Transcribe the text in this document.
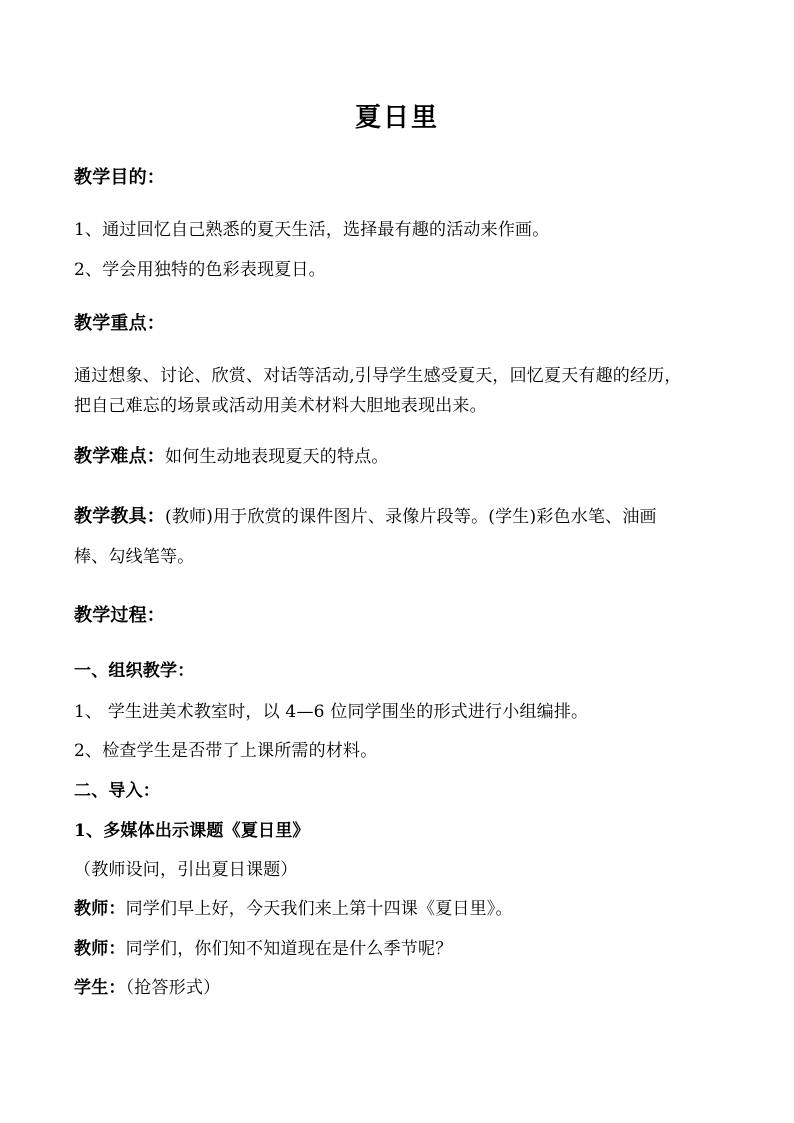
夏日里
教学目的：
1、通过回忆自己熟悉的夏天生活，选择最有趣的活动来作画。
2、学会用独特的色彩表现夏日。
教学重点：
通过想象、讨论、欣赏、对话等活动,引导学生感受夏天，回忆夏天有趣的经历，
把自己难忘的场景或活动用美术材料大胆地表现出来。
教学难点：如何生动地表现夏天的特点。
教学教具：(教师)用于欣赏的课件图片、录像片段等。(学生)彩色水笔、油画
棒、勾线笔等。
教学过程：
一、组织教学：
1、 学生进美术教室时，以 4—6 位同学围坐的形式进行小组编排。
2、检查学生是否带了上课所需的材料。
二、导入：
1、多媒体出示课题《夏日里》
（教师设问，引出夏日课题）
教师：同学们早上好，今天我们来上第十四课《夏日里》。
教师：同学们，你们知不知道现在是什么季节呢？
学生：（抢答形式）
